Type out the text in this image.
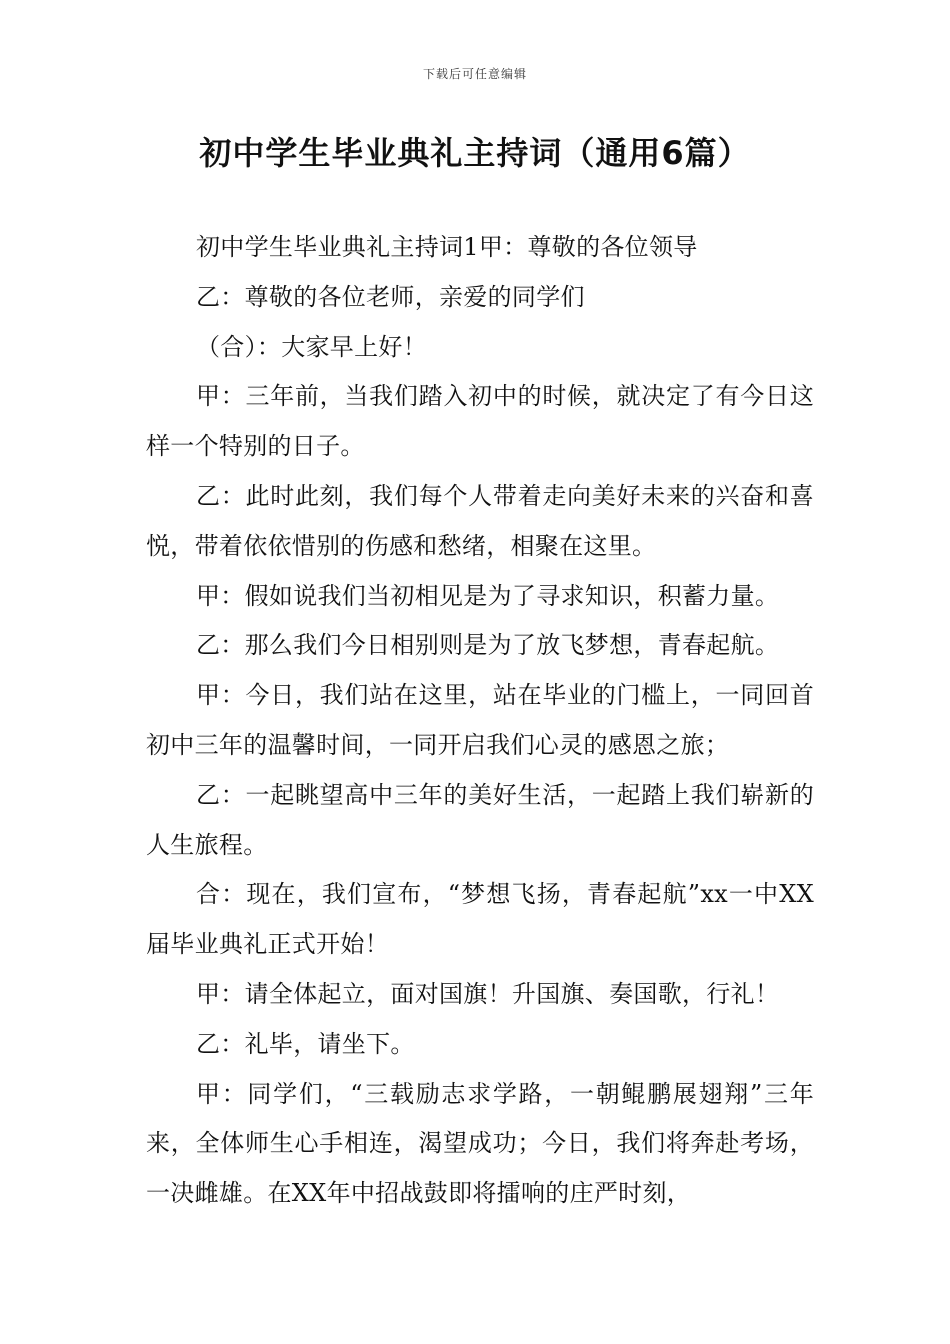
下载后可任意编辑
初中学生毕业典礼主持词（通用6篇）

初中学生毕业典礼主持词1甲：尊敬的各位领导

乙：尊敬的各位老师，亲爱的同学们

（合）：大家早上好！

甲：三年前，当我们踏入初中的时候，就决定了有今日这样一个特别的日子。

乙：此时此刻，我们每个人带着走向美好未来的兴奋和喜悦，带着依依惜别的伤感和愁绪，相聚在这里。

甲：假如说我们当初相见是为了寻求知识，积蓄力量。

乙：那么我们今日相别则是为了放飞梦想，青春起航。

甲：今日，我们站在这里，站在毕业的门槛上，一同回首初中三年的温馨时间，一同开启我们心灵的感恩之旅；

乙：一起眺望高中三年的美好生活，一起踏上我们崭新的人生旅程。

合：现在，我们宣布，“梦想飞扬，青春起航”xx一中XX届毕业典礼正式开始！

甲：请全体起立，面对国旗！升国旗、奏国歌，行礼！

乙：礼毕，请坐下。

甲：同学们，“三载励志求学路，一朝鲲鹏展翅翔”三年来，全体师生心手相连，渴望成功；今日，我们将奔赴考场，一决雌雄。在XX年中招战鼓即将擂响的庄严时刻，
